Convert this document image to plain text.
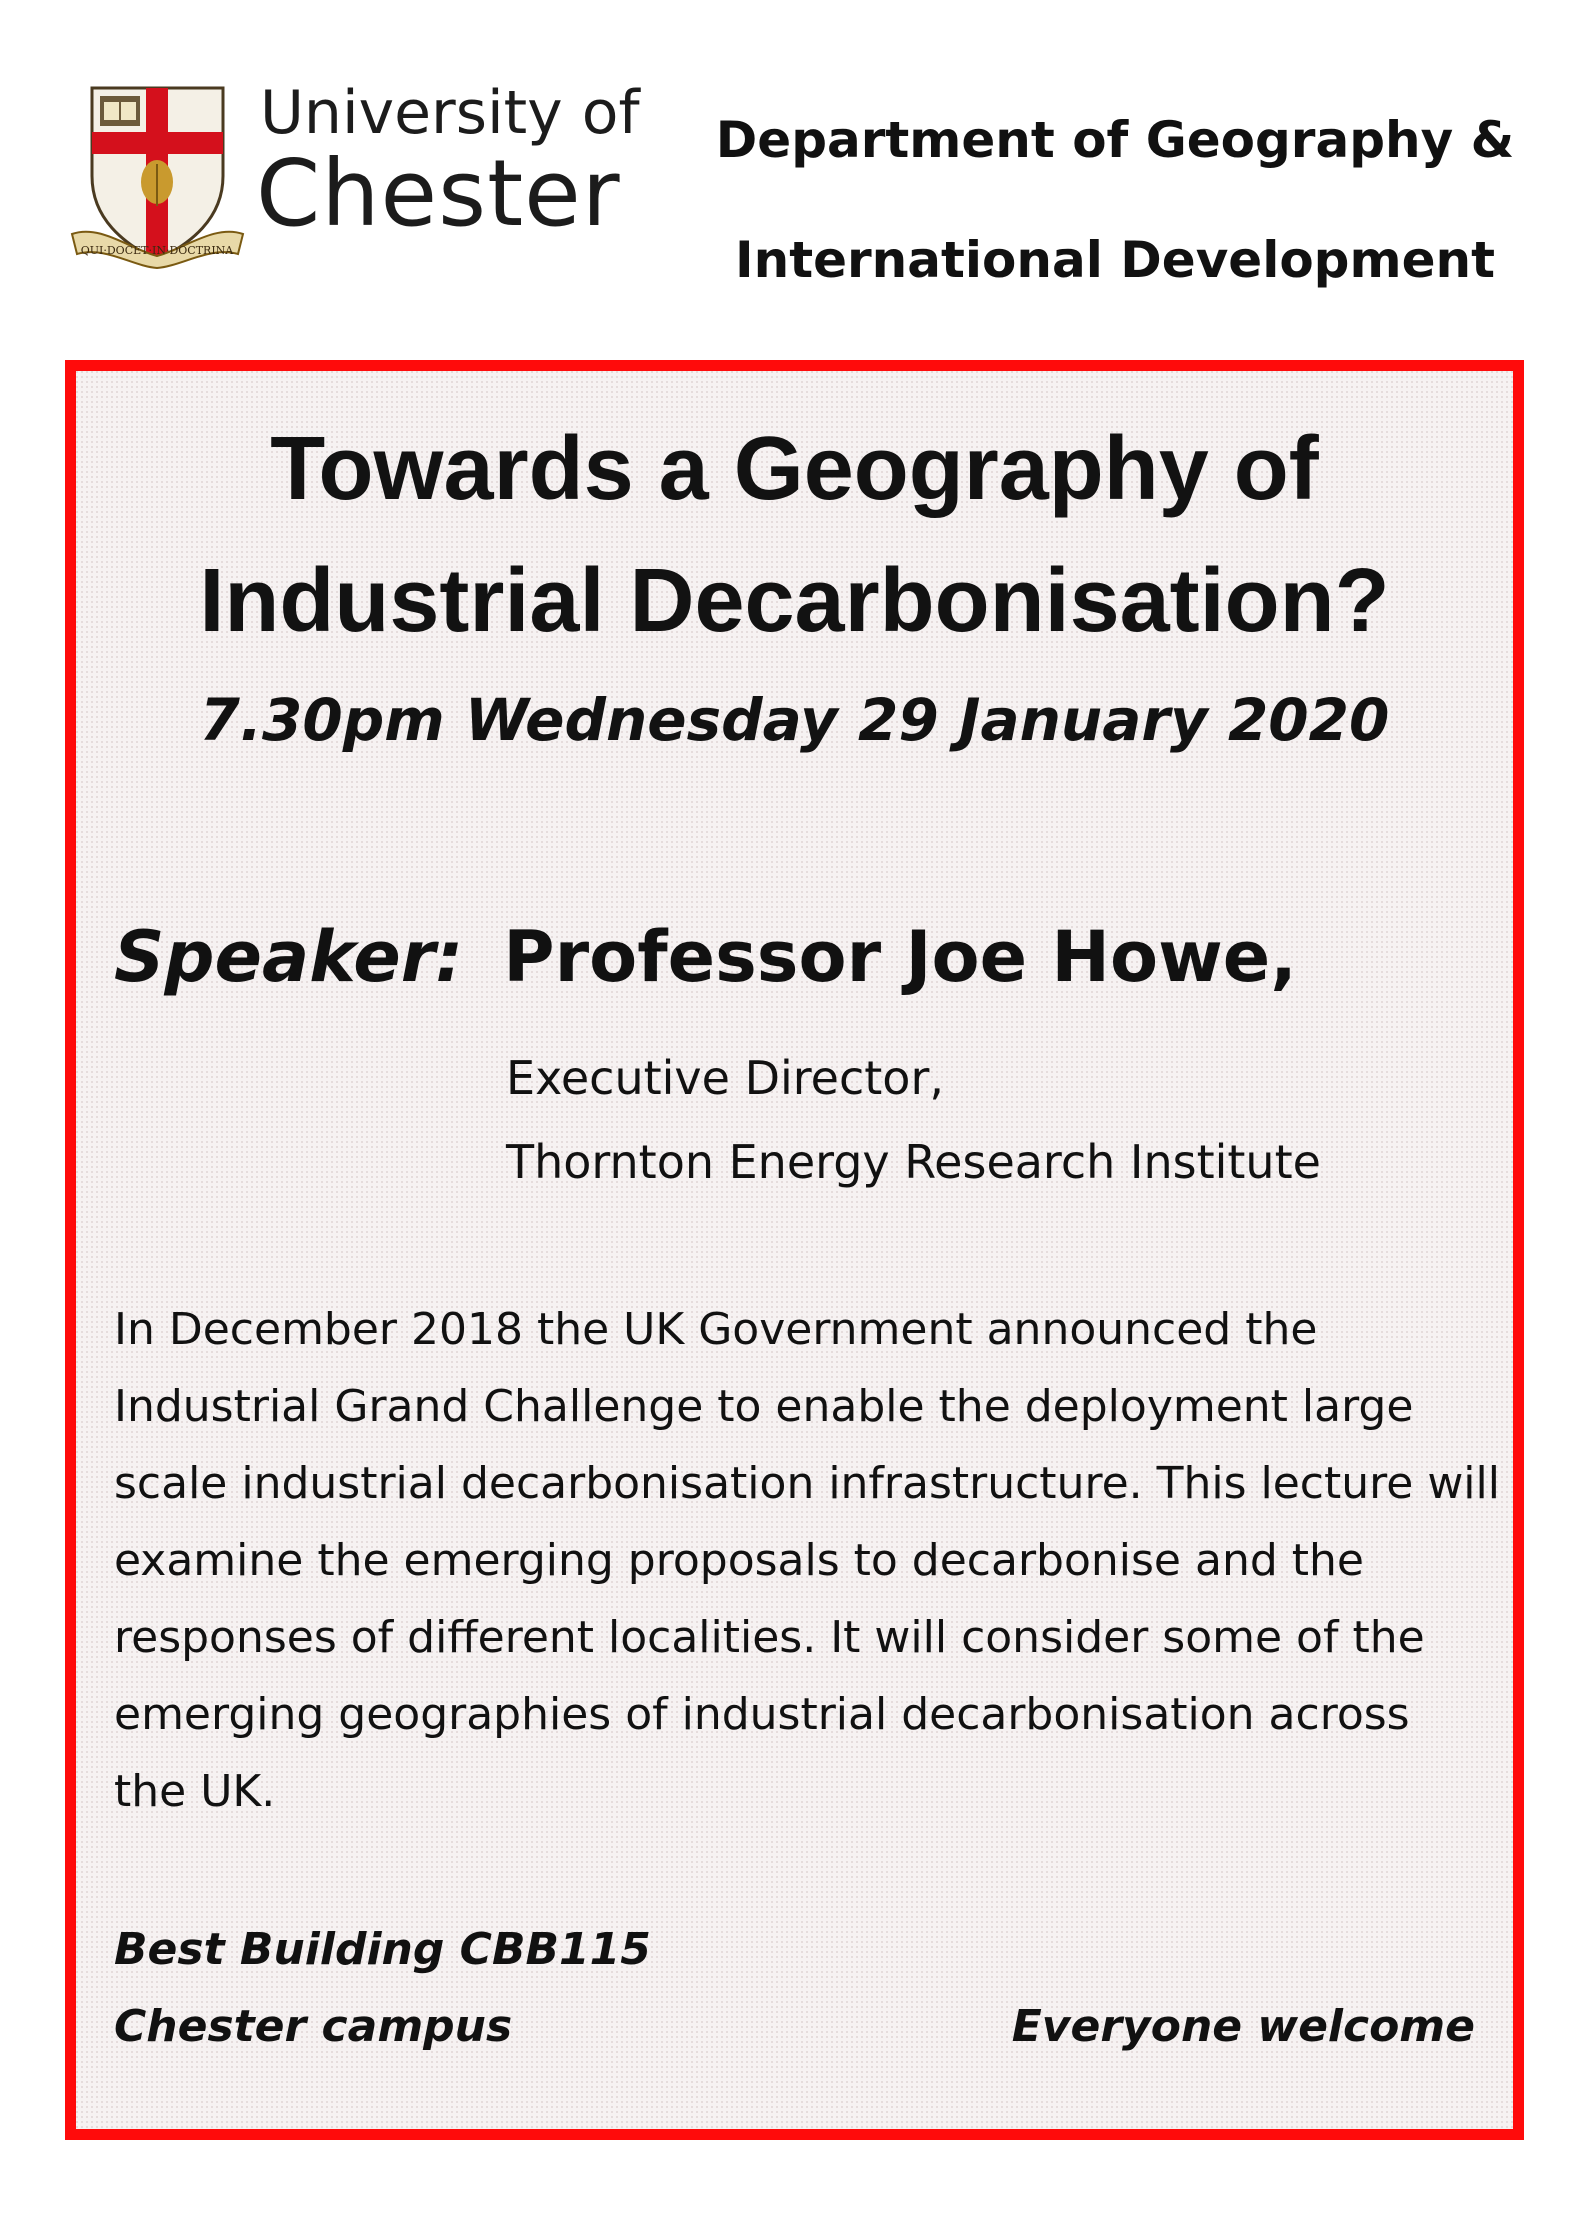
QUI·DOCET·IN·DOCTRINA
University of
Chester	Department of Geography &
International Development
Towards a Geography of
Industrial Decarbonisation?
7.30pm Wednesday 29 January 2020
Speaker: Professor Joe Howe,
Executive Director,
Thornton Energy Research Institute
In December 2018 the UK Government announced the
Industrial Grand Challenge to enable the deployment large
scale industrial decarbonisation infrastructure. This lecture will
examine the emerging proposals to decarbonise and the
responses of different localities. It will consider some of the
emerging geographies of industrial decarbonisation across
the UK.
Best Building CBB115
Chester campus	Everyone welcome
